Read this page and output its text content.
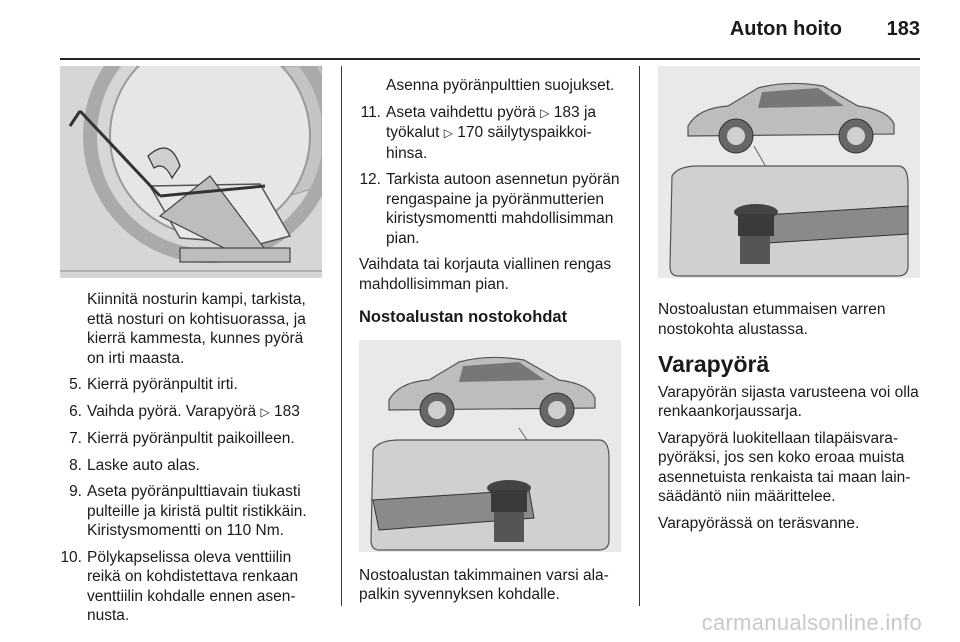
Auton hoito 183

Kiinnitä nosturin kampi, tarkista, että nosturi on kohtisuorassa, ja kierrä kammesta, kunnes pyörä on irti maasta.

5. Kierrä pyöränpultit irti.
6. Vaihda pyörä. Varapyörä ▷ 183
7. Kierrä pyöränpultit paikoilleen.
8. Laske auto alas.
9. Aseta pyöränpulttiavain tiukasti pulteille ja kiristä pultit ristikkäin. Kiristysmomentti on 110 Nm.
10. Pölykapselissa oleva venttiilin reikä on kohdistettava renkaan venttiilin kohdalle ennen asennusta.

Asenna pyöränpulttien suojukset.

11. Aseta vaihdettu pyörä ▷ 183 ja työkalut ▷ 170 säilytyspaikkoihinsa.
12. Tarkista autoon asennetun pyörän rengaspaine ja pyöränmutterien kiristysmomentti mahdollisimman pian.

Vaihdata tai korjauta viallinen rengas mahdollisimman pian.

Nostoalustan nostokohdat

Nostoalustan takimmainen varsi alapalkin syvennyksen kohdalle.

Nostoalustan etummaisen varren nostokohta alustassa.

Varapyörä

Varapyörän sijasta varusteena voi olla renkaankorjaussarja.

Varapyörä luokitellaan tilapäisvarapyöräksi, jos sen koko eroaa muista asennetuista renkaista tai maan lainsäädäntö niin määrittelee.

Varapyörässä on teräsvanne.

carmanualsonline.info
